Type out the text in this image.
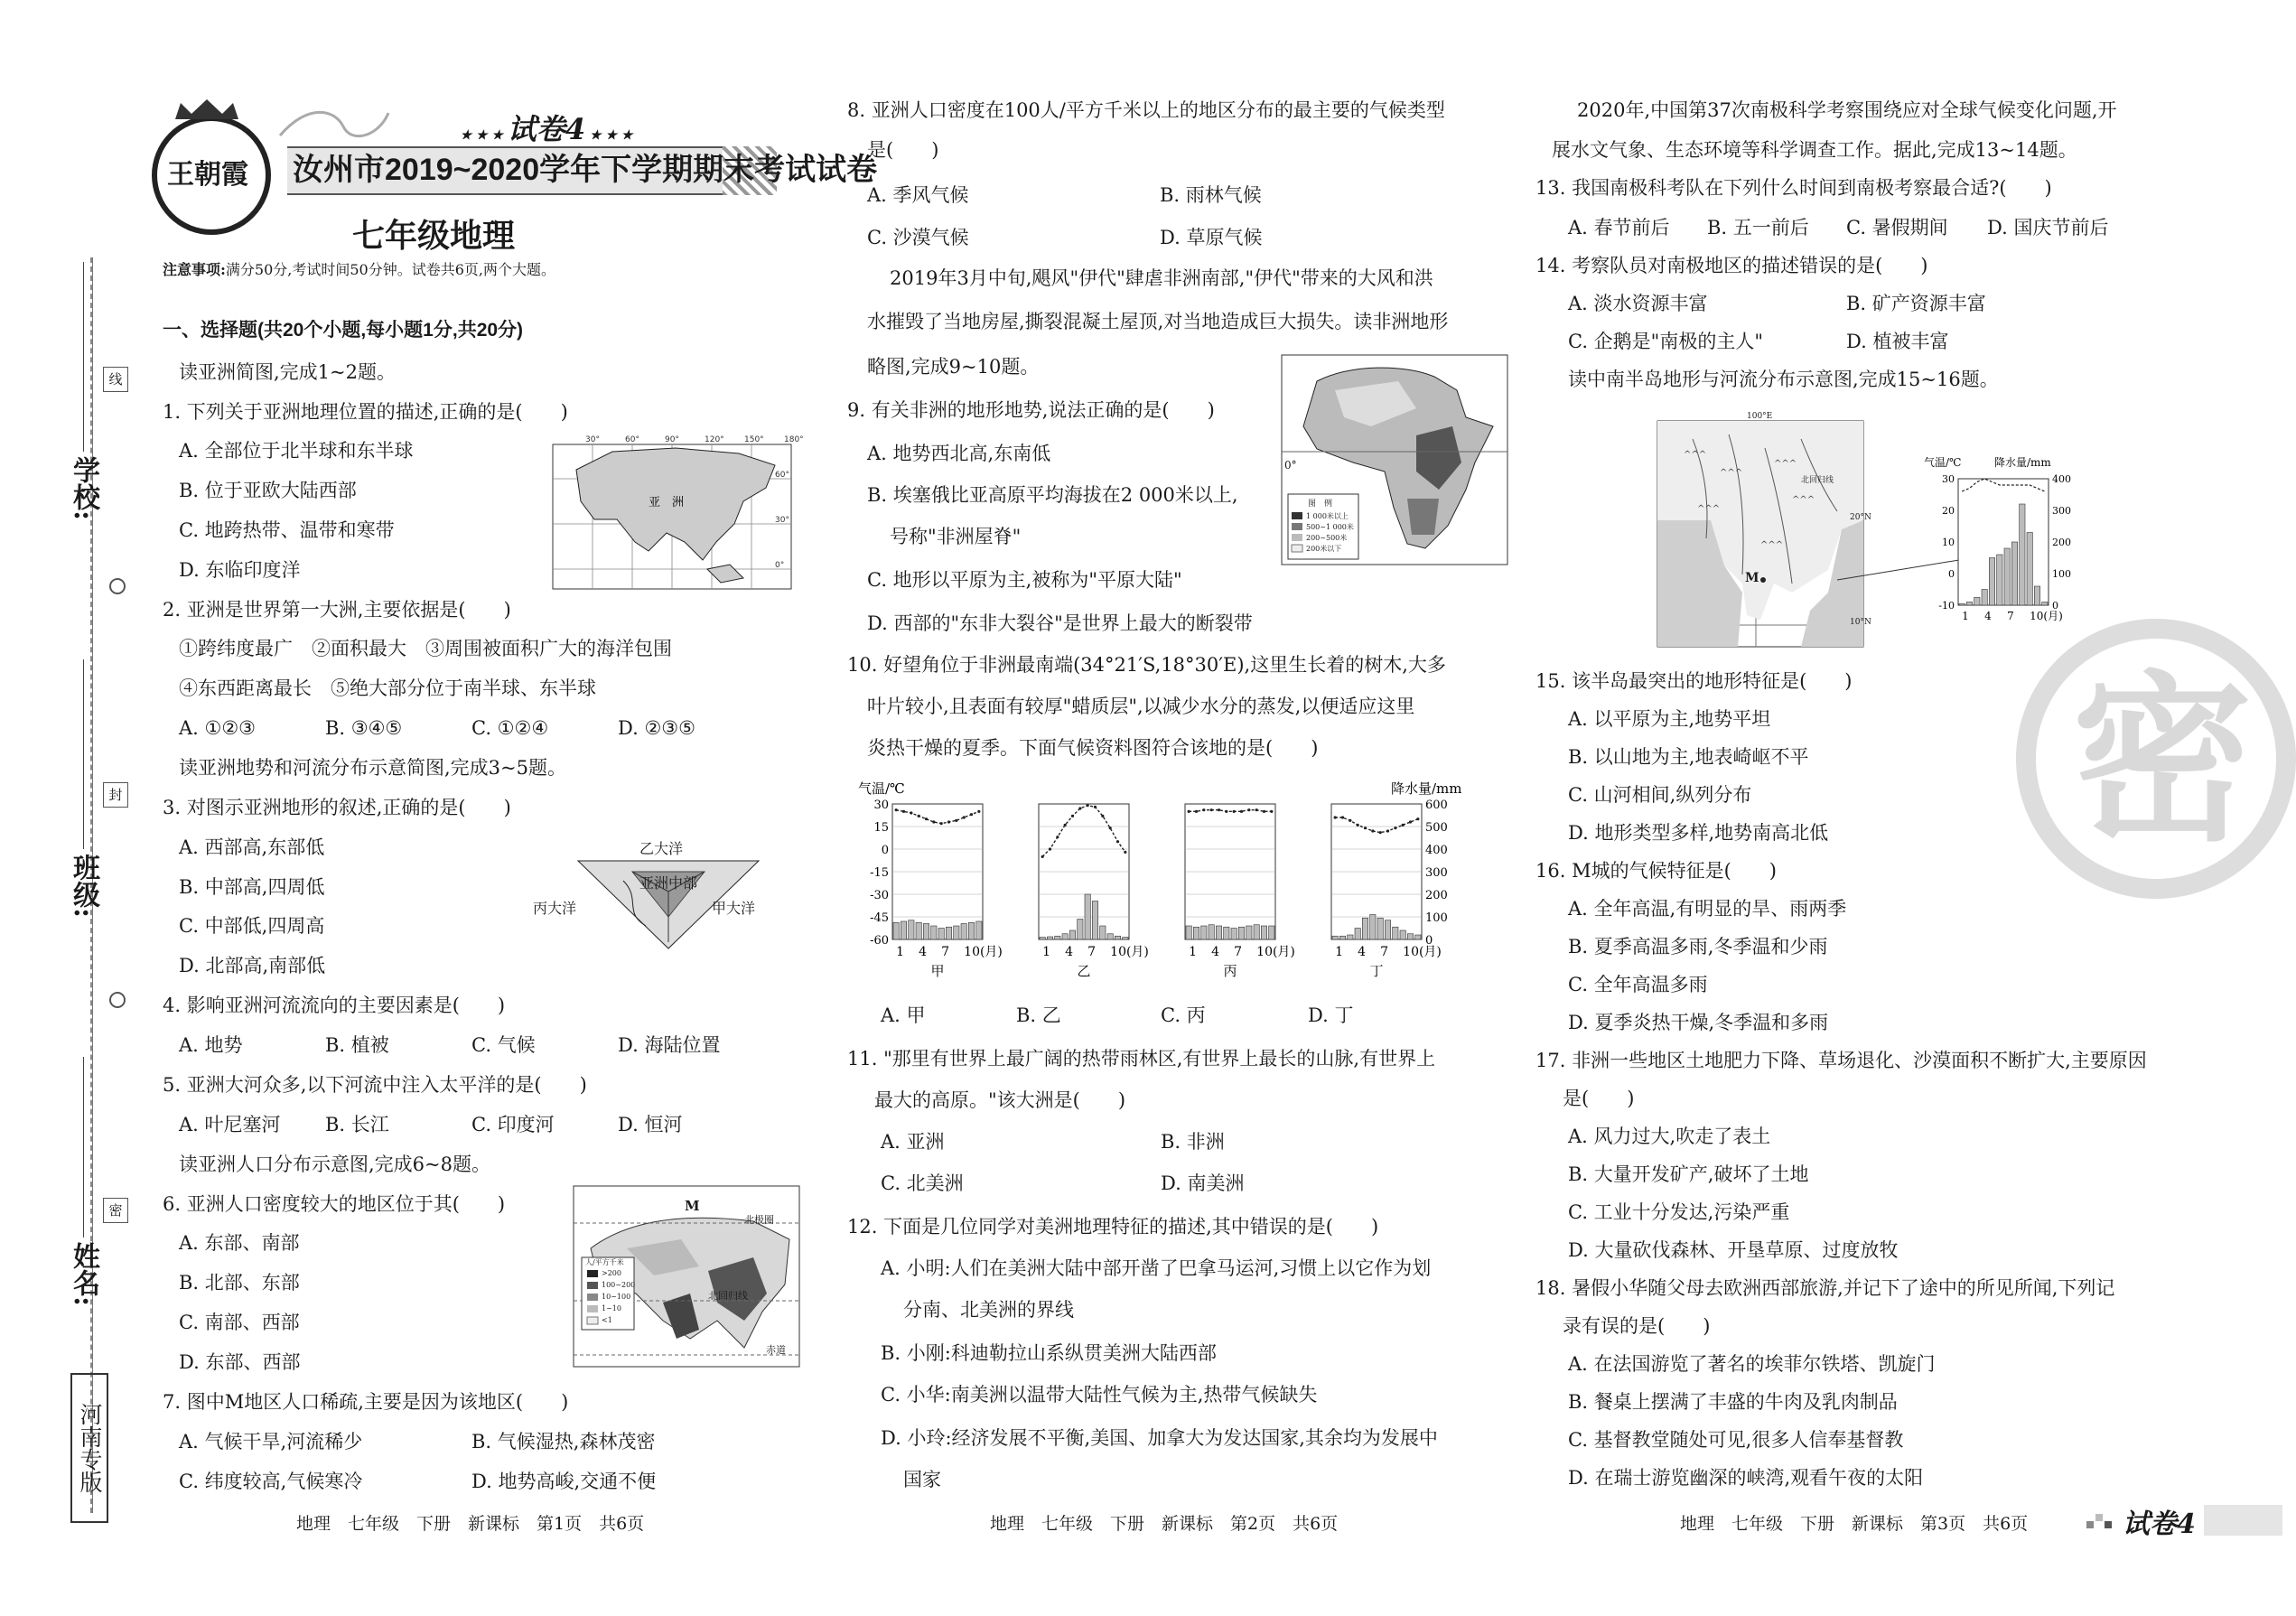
学校:
班级:
姓名:
线
封
密
河南专版
王朝霞
★ ★ ★ 试卷4 ★ ★ ★
汝州市2019~2020学年下学期期末考试试卷
七年级地理
注意事项:满分50分,考试时间50分钟。试卷共6页,两个大题。
一、选择题(共20个小题,每小题1分,共20分)
读亚洲简图,完成1~2题。
1. 下列关于亚洲地理位置的描述,正确的是(　　)
A. 全部位于北半球和东半球
B. 位于亚欧大陆西部
C. 地跨热带、温带和寒带
D. 东临印度洋
亚　洲
30°	60°	90°	120° 150° 180°
60°
30°
0°
2. 亚洲是世界第一大洲,主要依据是(　　)
①跨纬度最广　②面积最大　③周围被面积广大的海洋包围
④东西距离最长　⑤绝大部分位于南半球、东半球
A. ①②③	B. ③④⑤	C. ①②④	D. ②③⑤
读亚洲地势和河流分布示意简图,完成3~5题。
3. 对图示亚洲地形的叙述,正确的是(　　)
A. 西部高,东部低
B. 中部高,四周低
C. 中部低,四周高
D. 北部高,南部低
乙大洋
丙大洋	甲大洋
亚洲中部
4. 影响亚洲河流流向的主要因素是(　　)
A. 地势	B. 植被	C. 气候	D. 海陆位置
5. 亚洲大河众多,以下河流中注入太平洋的是(　　)
A. 叶尼塞河 B. 长江	C. 印度河	D. 恒河
读亚洲人口分布示意图,完成6~8题。
6. 亚洲人口密度较大的地区位于其(　　)
A. 东部、南部
B. 北部、东部
C. 南部、西部
D. 东部、西部
M
北极圈
北回归线
赤道
人/平方千米
>200
100~200
10~100
1~10
<1
7. 图中M地区人口稀疏,主要是因为该地区(　　)
A. 气候干旱,河流稀少	B. 气候湿热,森林茂密
C. 纬度较高,气候寒冷	D. 地势高峻,交通不便
8. 亚洲人口密度在100人/平方千米以上的地区分布的最主要的气候类型
是(　　)
A. 季风气候	B. 雨林气候
C. 沙漠气候	D. 草原气候
2019年3月中旬,飓风"伊代"肆虐非洲南部,"伊代"带来的大风和洪
水摧毁了当地房屋,撕裂混凝土屋顶,对当地造成巨大损失。读非洲地形
略图,完成9~10题。
9. 有关非洲的地形地势,说法正确的是(　　)
A. 地势西北高,东南低
B. 埃塞俄比亚高原平均海拔在2 000米以上,
号称"非洲屋脊"
C. 地形以平原为主,被称为"平原大陆"
D. 西部的"东非大裂谷"是世界上最大的断裂带
0°
图　例
1 000米以上
500~1 000米
200~500米
200米以下
10. 好望角位于非洲最南端(34°21′S,18°30′E),这里生长着的树木,大多
叶片较小,且表面有较厚"蜡质层",以减少水分的蒸发,以便适应这里
炎热干燥的夏季。下面气候资料图符合该地的是(　　)
气温/℃	降水量/mm
30
15
0
-15
-30
-45
-60
600
500
400
300
200
100
0
1 4 7 10(月)
甲
1 4 7 10(月)
乙
1 4 7 10(月)
丙
1 4 7 10(月)
丁
A. 甲	B. 乙	C. 丙	D. 丁
11. "那里有世界上最广阔的热带雨林区,有世界上最长的山脉,有世界上
最大的高原。"该大洲是(　　)
A. 亚洲	B. 非洲
C. 北美洲	D. 南美洲
12. 下面是几位同学对美洲地理特征的描述,其中错误的是(　　)
A. 小明:人们在美洲大陆中部开凿了巴拿马运河,习惯上以它作为划
分南、北美洲的界线
B. 小刚:科迪勒拉山系纵贯美洲大陆西部
C. 小华:南美洲以温带大陆性气候为主,热带气候缺失
D. 小玲:经济发展不平衡,美国、加拿大为发达国家,其余均为发展中
国家
2020年,中国第37次南极科学考察围绕应对全球气候变化问题,开
展水文气象、生态环境等科学调查工作。据此,完成13~14题。
13. 我国南极科考队在下列什么时间到南极考察最合适?(　　)
A. 春节前后 B. 五一前后 C. 暑假期间 D. 国庆节前后
14. 考察队员对南极地区的描述错误的是(　　)
A. 淡水资源丰富	B. 矿产资源丰富
C. 企鹅是"南极的主人"	D. 植被丰富
读中南半岛地形与河流分布示意图,完成15~16题。
^^^
^^^
^^^
^^^
^^^
^^^
M
100°E
20°N
10°N
北回归线
气温/℃	降水量/mm
30
20
10
0
-10
400
300
200
100
0
1 4 7 10(月)
15. 该半岛最突出的地形特征是(　　)
A. 以平原为主,地势平坦
B. 以山地为主,地表崎岖不平
C. 山河相间,纵列分布
D. 地形类型多样,地势南高北低
16. M城的气候特征是(　　)
A. 全年高温,有明显的旱、雨两季
B. 夏季高温多雨,冬季温和少雨
C. 全年高温多雨
D. 夏季炎热干燥,冬季温和多雨
17. 非洲一些地区土地肥力下降、草场退化、沙漠面积不断扩大,主要原因
是(　　)
A. 风力过大,吹走了表土
B. 大量开发矿产,破坏了土地
C. 工业十分发达,污染严重
D. 大量砍伐森林、开垦草原、过度放牧
18. 暑假小华随父母去欧洲西部旅游,并记下了途中的所见所闻,下列记
录有误的是(　　)
A. 在法国游览了著名的埃菲尔铁塔、凯旋门
B. 餐桌上摆满了丰盛的牛肉及乳肉制品
C. 基督教堂随处可见,很多人信奉基督教
D. 在瑞士游览幽深的峡湾,观看午夜的太阳
密
地理　七年级　下册　新课标　第1页　共6页	地理　七年级　下册　新课标　第2页　共6页	地理　七年级　下册　新课标　第3页　共6页	试卷4
